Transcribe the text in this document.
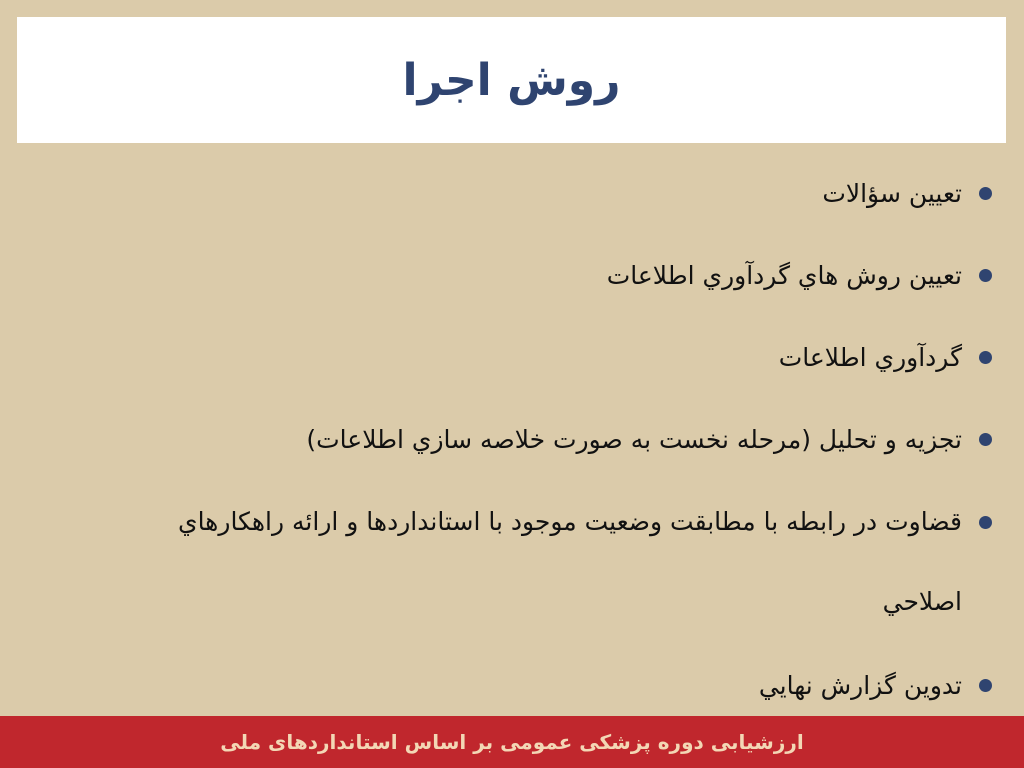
روش اجرا
تعيين سؤالات
تعيين روش هاي گردآوري اطلاعات
گردآوري اطلاعات
تجزيه و تحليل (مرحله نخست به صورت خلاصه سازي اطلاعات)
قضاوت در رابطه با مطابقت وضعيت موجود با استانداردها و ارائه راهكارهاي اصلاحي
تدوين گزارش نهايي
ارزشیابی دوره پزشکی عمومی بر اساس استانداردهای ملی
